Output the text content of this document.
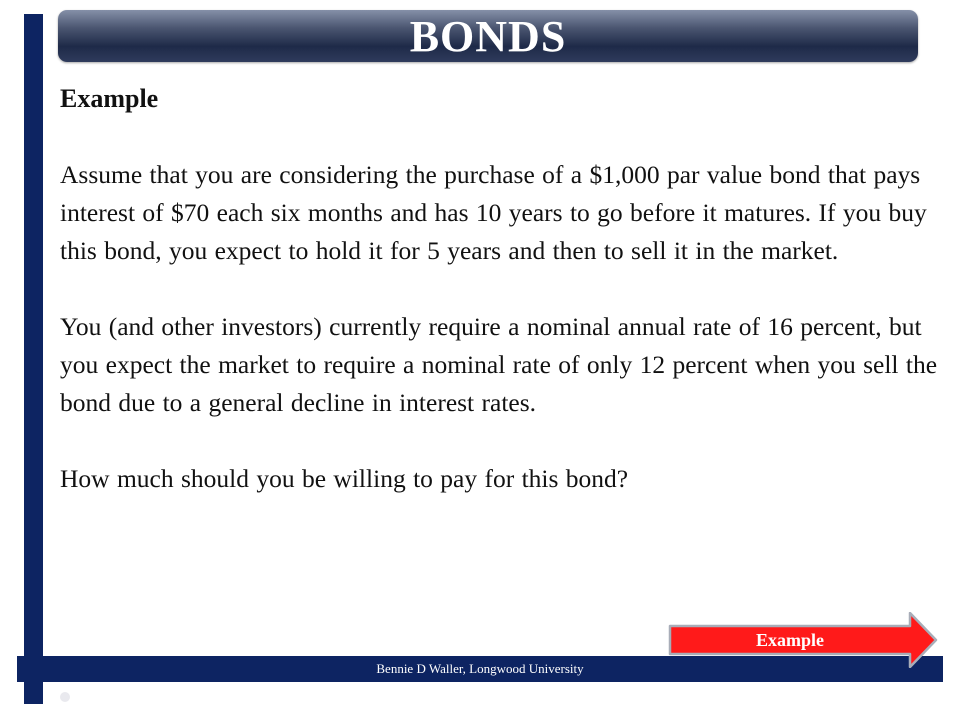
BONDS

Example

Assume that you are considering the purchase of a $1,000 par value bond that pays interest of $70 each six months and has 10 years to go before it matures. If you buy this bond, you expect to hold it for 5 years and then to sell it in the market.

You (and other investors) currently require a nominal annual rate of 16 percent, but you expect the market to require a nominal rate of only 12 percent when you sell the bond due to a general decline in interest rates.

How much should you be willing to pay for this bond?

Bennie D Waller, Longwood University
Example
